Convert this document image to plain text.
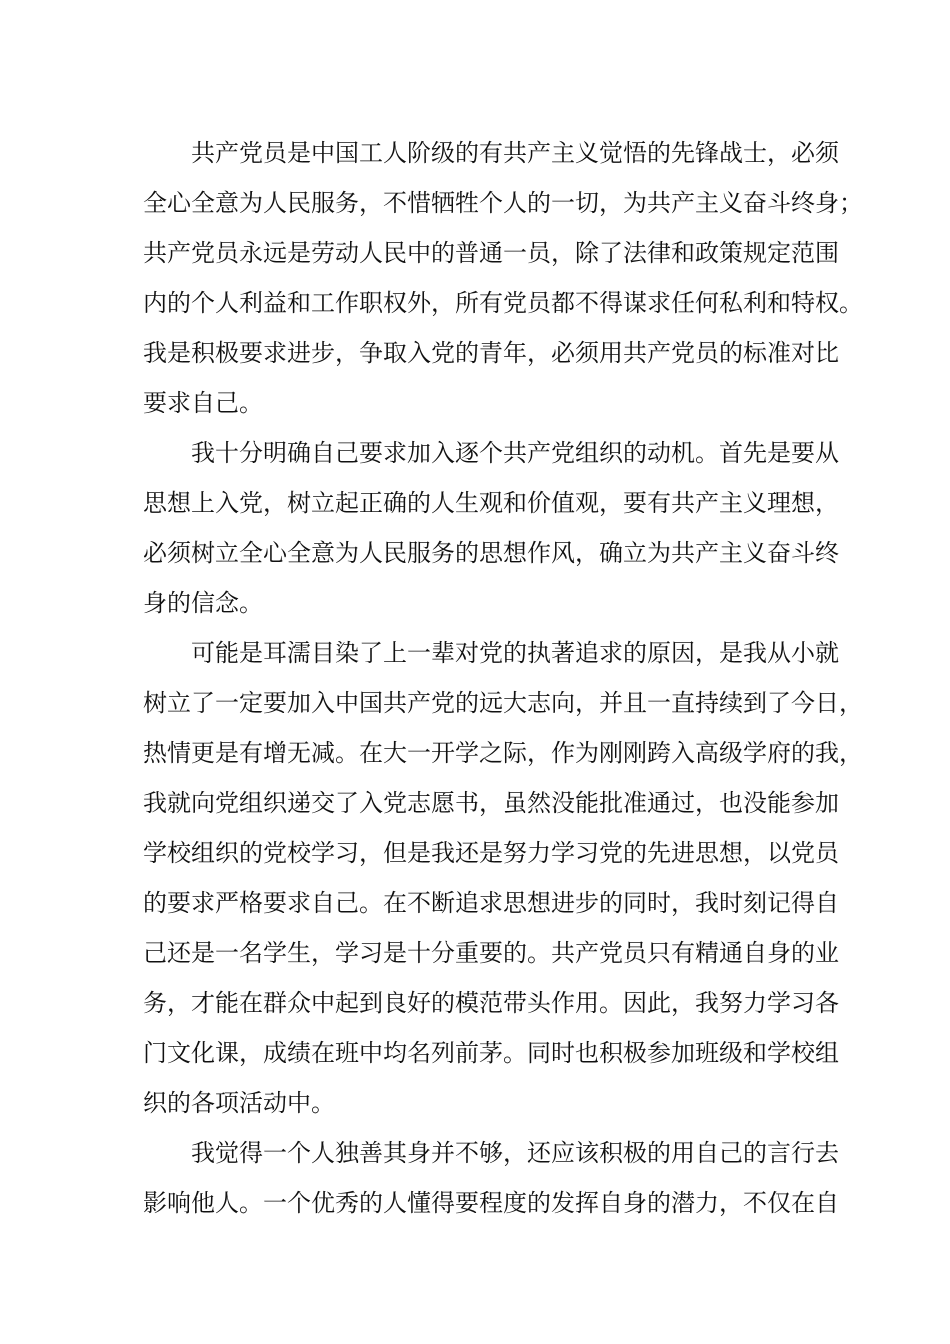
共产党员是中国工人阶级的有共产主义觉悟的先锋战士，必须
全心全意为人民服务，不惜牺牲个人的一切，为共产主义奋斗终身；
共产党员永远是劳动人民中的普通一员，除了法律和政策规定范围
内的个人利益和工作职权外，所有党员都不得谋求任何私利和特权。
我是积极要求进步，争取入党的青年，必须用共产党员的标准对比
要求自己。
我十分明确自己要求加入逐个共产党组织的动机。首先是要从
思想上入党，树立起正确的人生观和价值观，要有共产主义理想，
必须树立全心全意为人民服务的思想作风，确立为共产主义奋斗终
身的信念。
可能是耳濡目染了上一辈对党的执著追求的原因，是我从小就
树立了一定要加入中国共产党的远大志向，并且一直持续到了今日，
热情更是有增无减。在大一开学之际，作为刚刚跨入高级学府的我，
我就向党组织递交了入党志愿书，虽然没能批准通过，也没能参加
学校组织的党校学习，但是我还是努力学习党的先进思想，以党员
的要求严格要求自己。在不断追求思想进步的同时，我时刻记得自
己还是一名学生，学习是十分重要的。共产党员只有精通自身的业
务，才能在群众中起到良好的模范带头作用。因此，我努力学习各
门文化课，成绩在班中均名列前茅。同时也积极参加班级和学校组
织的各项活动中。
我觉得一个人独善其身并不够，还应该积极的用自己的言行去
影响他人。一个优秀的人懂得要程度的发挥自身的潜力，不仅在自
